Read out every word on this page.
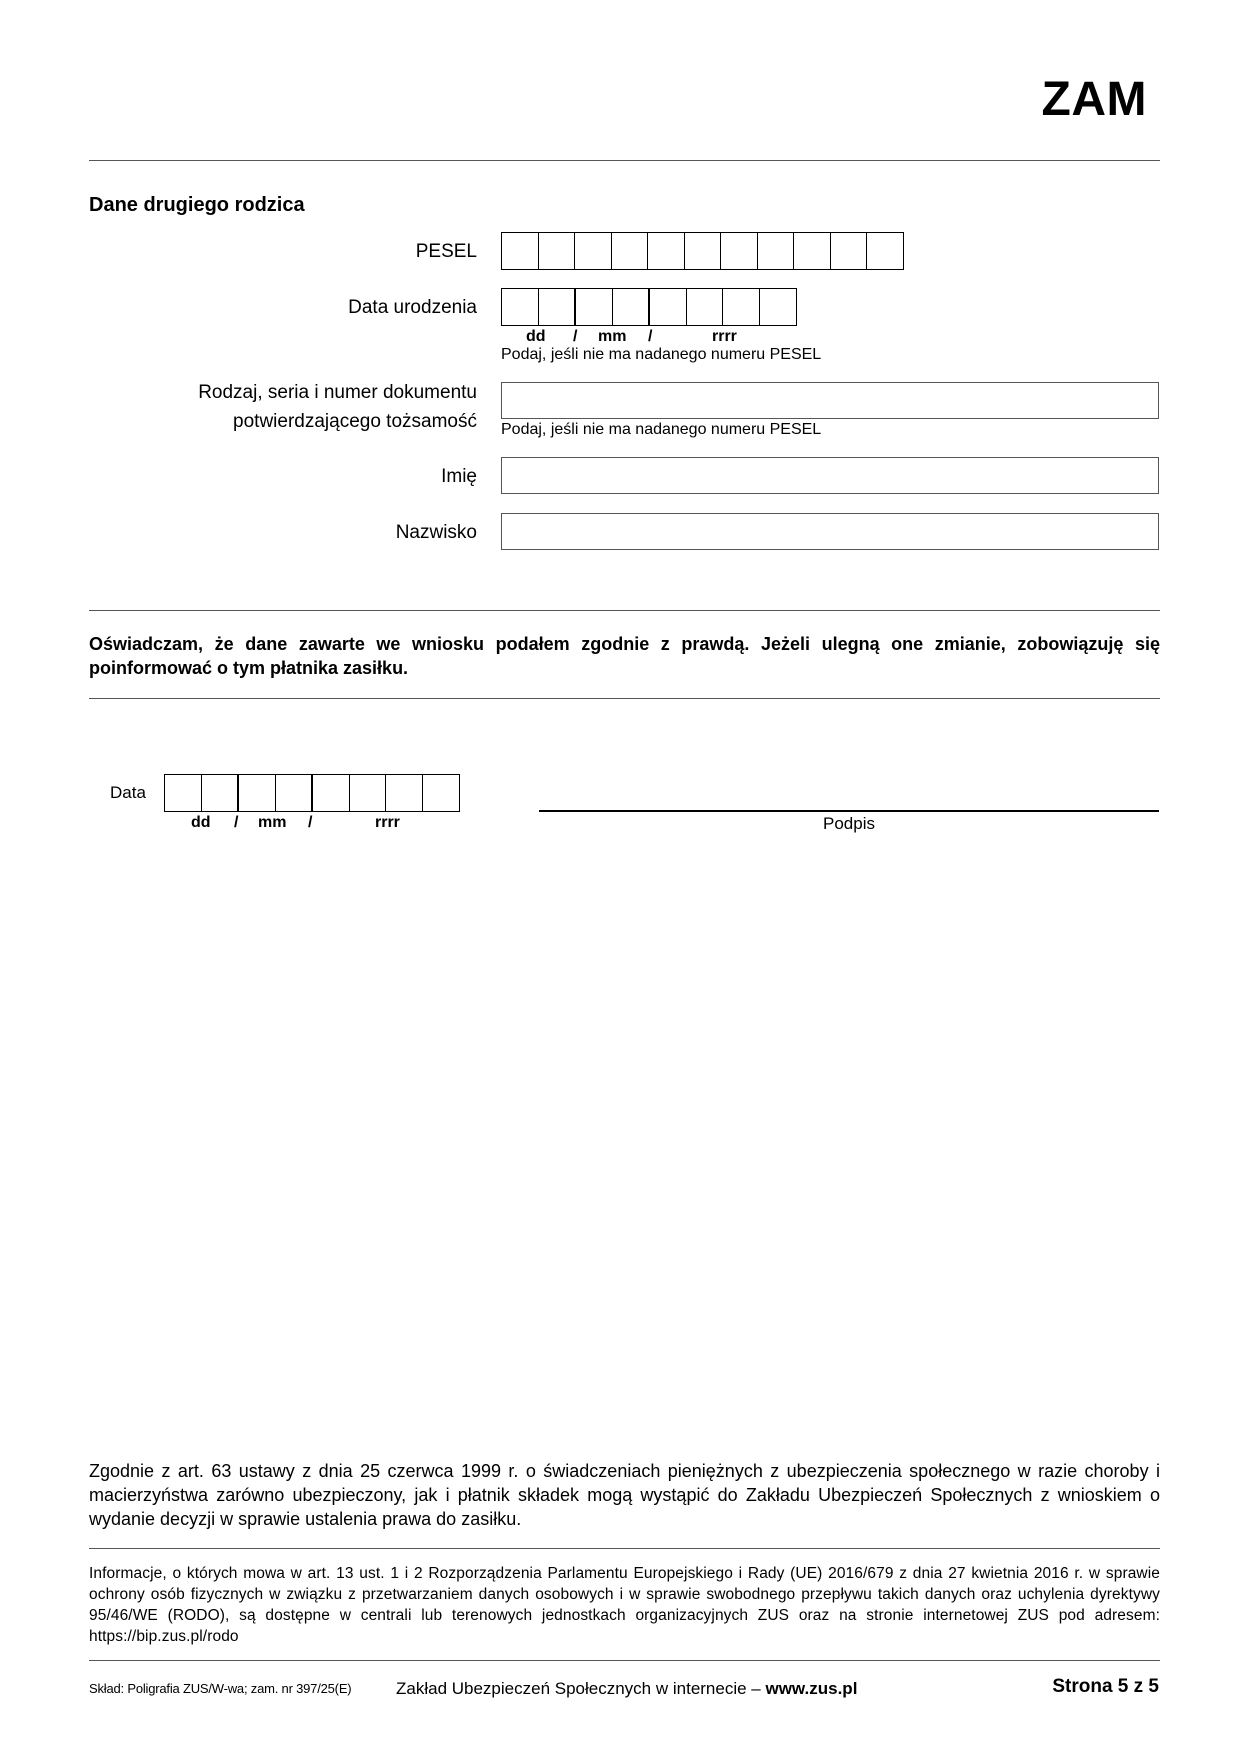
ZAM
Dane drugiego rodzica
PESEL
Data urodzenia
dd / mm /	rrrr
Podaj, jeśli nie ma nadanego numeru PESEL
Rodzaj, seria i numer dokumentu
potwierdzającego tożsamość Podaj, jeśli nie ma nadanego numeru PESEL
Imię
Nazwisko
Oświadczam, że dane zawarte we wniosku podałem zgodnie z prawdą. Jeżeli ulegną one zmianie, zobowiązuję się poinformować o tym płatnika zasiłku.
Data
dd / mm /	rrrr	Podpis
Zgodnie z art. 63 ustawy z dnia 25 czerwca 1999 r. o świadczeniach pieniężnych z ubezpieczenia społecznego w razie choroby i macierzyństwa zarówno ubezpieczony, jak i płatnik składek mogą wystąpić do Zakładu Ubezpieczeń Społecznych z wnioskiem o wydanie decyzji w sprawie ustalenia prawa do zasiłku.
Informacje, o których mowa w art. 13 ust. 1 i 2 Rozporządzenia Parlamentu Europejskiego i Rady (UE) 2016/679 z dnia 27 kwietnia 2016 r. w sprawie ochrony osób fizycznych w związku z przetwarzaniem danych osobowych i w sprawie swobodnego przepływu takich danych oraz uchylenia dyrektywy 95/46/WE (RODO), są dostępne w centrali lub terenowych jednostkach organizacyjnych ZUS oraz na stronie internetowej ZUS pod adresem: https://bip.zus.pl/rodo
Skład: Poligrafia ZUS/W-wa; zam. nr 397/25(E)	Zakład Ubezpieczeń Społecznych w internecie – www.zus.pl	Strona 5 z 5
